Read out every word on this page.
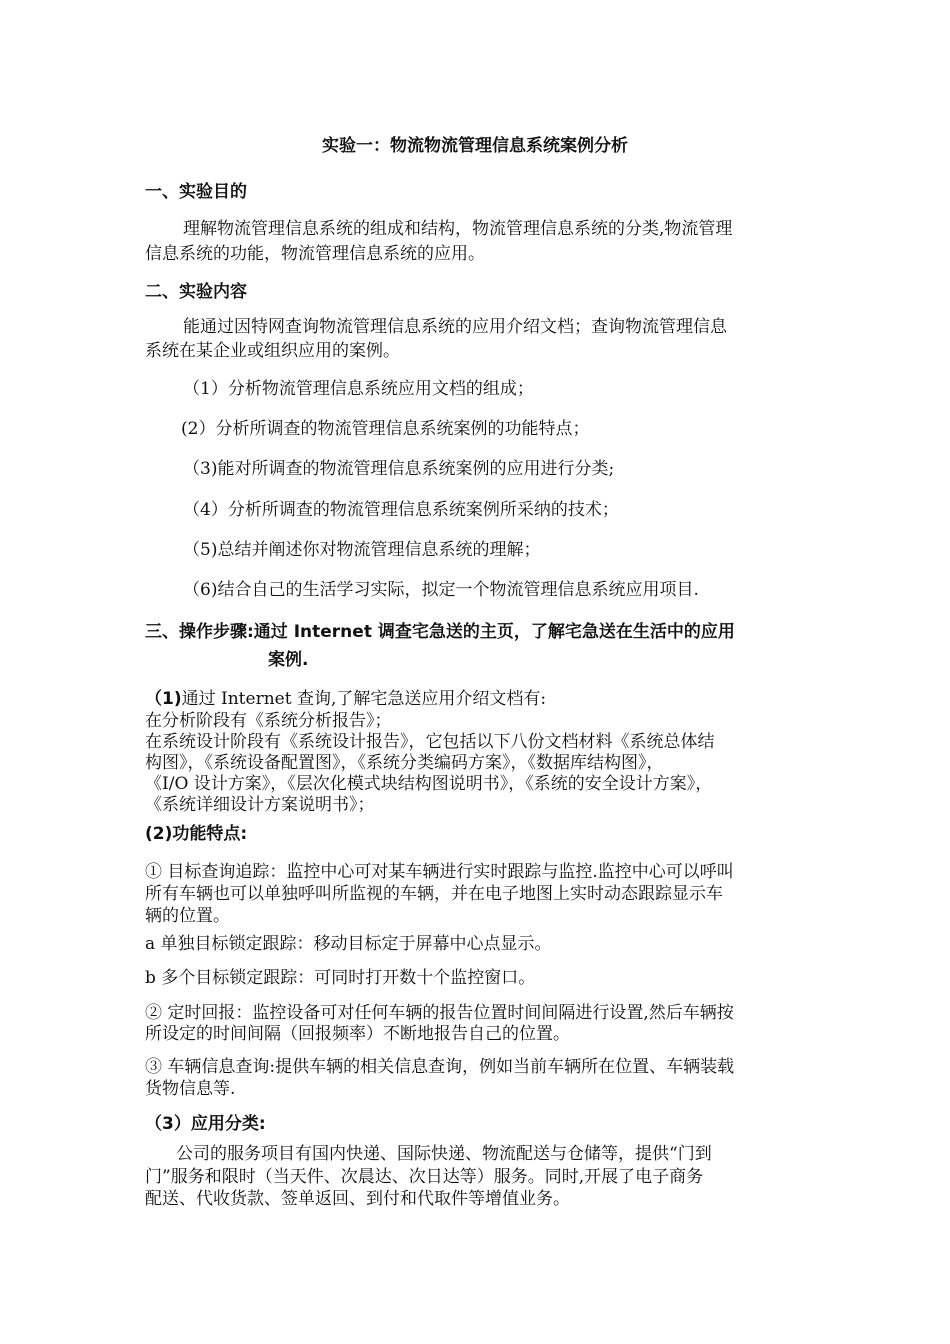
实验一：物流物流管理信息系统案例分析
一、实验目的
理解物流管理信息系统的组成和结构，物流管理信息系统的分类,物流管理
信息系统的功能，物流管理信息系统的应用。
二、实验内容
能通过因特网查询物流管理信息系统的应用介绍文档；查询物流管理信息
系统在某企业或组织应用的案例。
（1）分析物流管理信息系统应用文档的组成；
(2）分析所调查的物流管理信息系统案例的功能特点；
（3)能对所调查的物流管理信息系统案例的应用进行分类;
（4）分析所调查的物流管理信息系统案例所采纳的技术；
（5)总结并阐述你对物流管理信息系统的理解；
（6)结合自己的生活学习实际，拟定一个物流管理信息系统应用项目.
三、操作步骤:通过 Internet 调查宅急送的主页，了解宅急送在生活中的应用
案例.
（1)通过 Internet 查询,了解宅急送应用介绍文档有:
在分析阶段有《系统分析报告》；
在系统设计阶段有《系统设计报告》，它包括以下八份文档材料《系统总体结
构图》，《系统设备配置图》，《系统分类编码方案》，《数据库结构图》，
《I/O 设计方案》，《层次化模式块结构图说明书》，《系统的安全设计方案》，
《系统详细设计方案说明书》；
(2)功能特点:
① 目标查询追踪：监控中心可对某车辆进行实时跟踪与监控.监控中心可以呼叫
所有车辆也可以单独呼叫所监视的车辆，并在电子地图上实时动态跟踪显示车
辆的位置。
a 单独目标锁定跟踪：移动目标定于屏幕中心点显示。
b 多个目标锁定跟踪：可同时打开数十个监控窗口。
② 定时回报：监控设备可对任何车辆的报告位置时间间隔进行设置,然后车辆按
所设定的时间间隔（回报频率）不断地报告自己的位置。
③ 车辆信息查询:提供车辆的相关信息查询，例如当前车辆所在位置、车辆装载
货物信息等.
（3）应用分类:
公司的服务项目有国内快递、国际快递、物流配送与仓储等，提供“门到
门”服务和限时（当天件、次晨达、次日达等）服务。同时,开展了电子商务
配送、代收货款、签单返回、到付和代取件等增值业务。
